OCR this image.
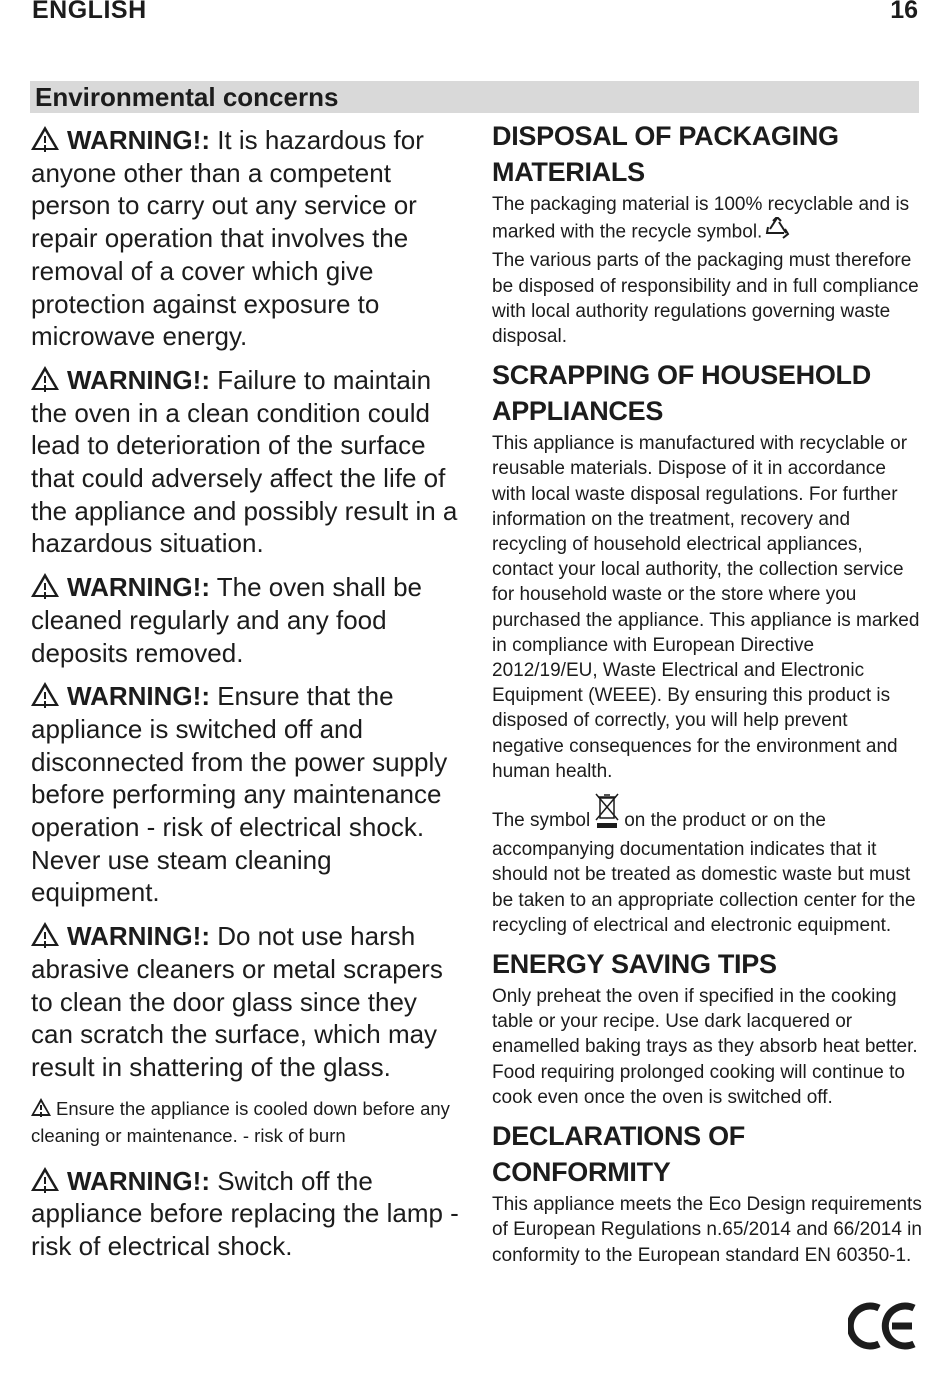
ENGLISH	16
Environmental concerns

WARNING!: It is hazardous for anyone other than a competent person to carry out any service or repair operation that involves the removal of a cover which give protection against exposure to microwave energy.

WARNING!: Failure to maintain the oven in a clean condition could lead to deterioration of the surface that could adversely affect the life of the appliance and possibly result in a hazardous situation.

WARNING!: The oven shall be cleaned regularly and any food deposits removed.

WARNING!: Ensure that the appliance is switched off and disconnected from the power supply before performing any maintenance operation - risk of electrical shock. Never use steam cleaning equipment.

WARNING!: Do not use harsh abrasive cleaners or metal scrapers to clean the door glass since they can scratch the surface, which may result in shattering of the glass.

Ensure the appliance is cooled down before any cleaning or maintenance. - risk of burn

WARNING!: Switch off the appliance before replacing the lamp - risk of electrical shock.

DISPOSAL OF PACKAGING MATERIALS

The packaging material is 100% recyclable and is marked with the recycle symbol.
The various parts of the packaging must therefore be disposed of responsibility and in full compliance with local authority regulations governing waste disposal.

SCRAPPING OF HOUSEHOLD APPLIANCES

This appliance is manufactured with recyclable or reusable materials. Dispose of it in accordance with local waste disposal regulations. For further information on the treatment, recovery and recycling of household electrical appliances, contact your local authority, the collection service for household waste or the store where you purchased the appliance. This appliance is marked in compliance with European Directive 2012/19/EU, Waste Electrical and Electronic Equipment (WEEE). By ensuring this product is disposed of correctly, you will help prevent negative consequences for the environment and human health.

The symbol on the product or on the accompanying documentation indicates that it should not be treated as domestic waste but must be taken to an appropriate collection center for the recycling of electrical and electronic equipment.

ENERGY SAVING TIPS

Only preheat the oven if specified in the cooking table or your recipe. Use dark lacquered or enamelled baking trays as they absorb heat better. Food requiring prolonged cooking will continue to cook even once the oven is switched off.

DECLARATIONS OF CONFORMITY

This appliance meets the Eco Design requirements of European Regulations n.65/2014 and 66/2014 in conformity to the European standard EN 60350-1.
